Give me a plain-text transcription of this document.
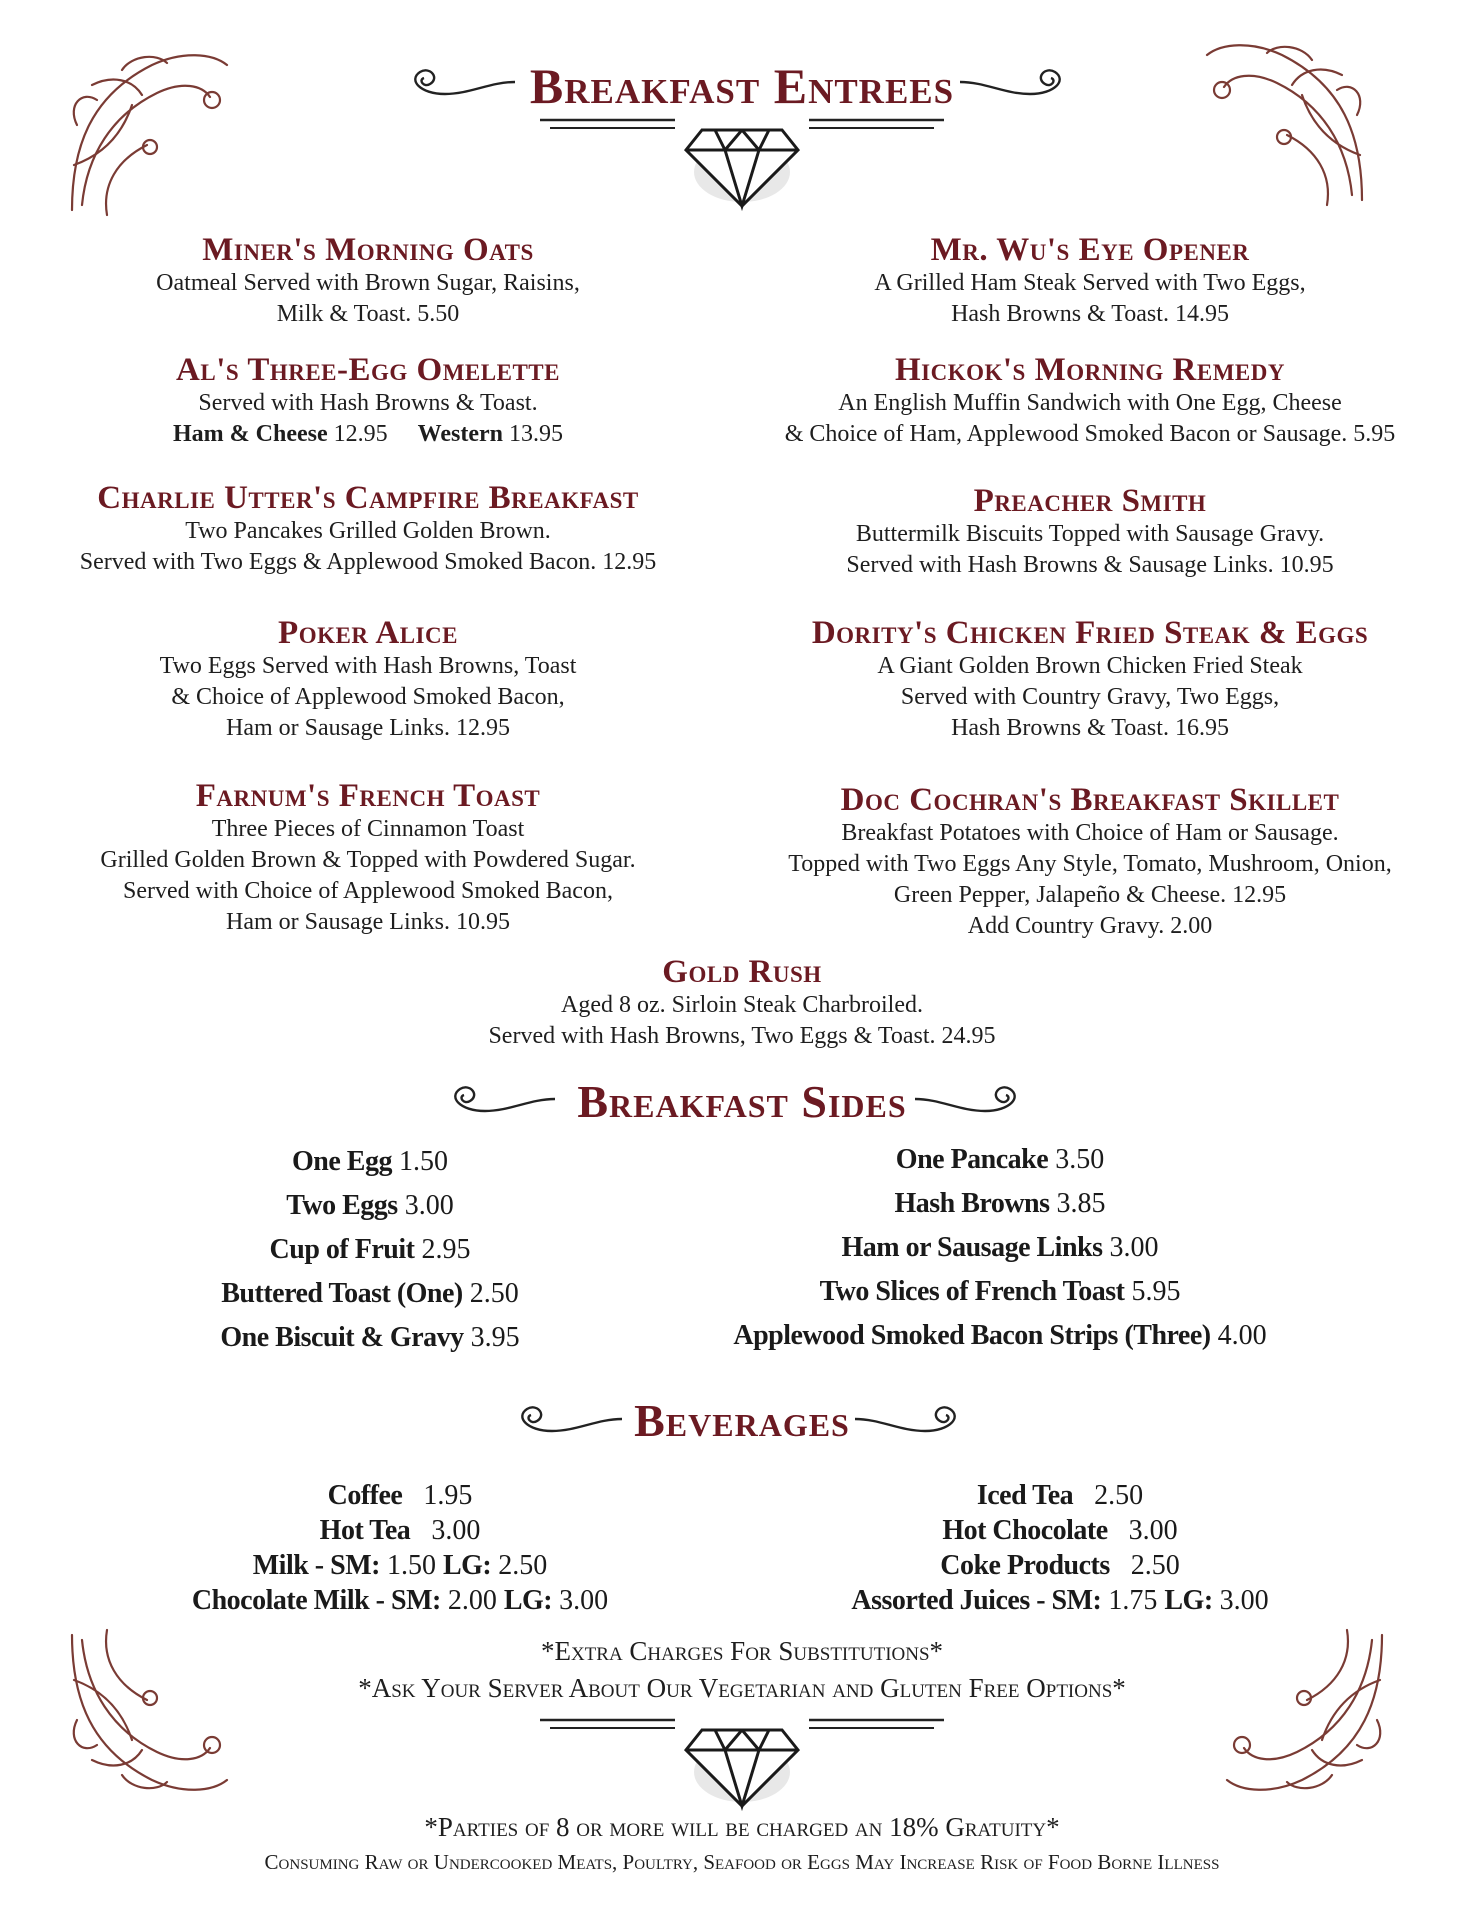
Breakfast Entrees
Miner's Morning Oats
Oatmeal Served with Brown Sugar, Raisins,
Milk & Toast. 5.50
Al's Three-Egg Omelette
Served with Hash Browns & Toast.
Ham & Cheese 12.95 Western 13.95
Charlie Utter's Campfire Breakfast
Two Pancakes Grilled Golden Brown.
Served with Two Eggs & Applewood Smoked Bacon. 12.95
Poker Alice
Two Eggs Served with Hash Browns, Toast
& Choice of Applewood Smoked Bacon,
Ham or Sausage Links. 12.95
Farnum's French Toast
Three Pieces of Cinnamon Toast
Grilled Golden Brown & Topped with Powdered Sugar.
Served with Choice of Applewood Smoked Bacon,
Ham or Sausage Links. 10.95
Mr. Wu's Eye Opener
A Grilled Ham Steak Served with Two Eggs,
Hash Browns & Toast. 14.95
Hickok's Morning Remedy
An English Muffin Sandwich with One Egg, Cheese
& Choice of Ham, Applewood Smoked Bacon or Sausage. 5.95
Preacher Smith
Buttermilk Biscuits Topped with Sausage Gravy.
Served with Hash Browns & Sausage Links. 10.95
Dority's Chicken Fried Steak & Eggs
A Giant Golden Brown Chicken Fried Steak
Served with Country Gravy, Two Eggs,
Hash Browns & Toast. 16.95
Doc Cochran's Breakfast Skillet
Breakfast Potatoes with Choice of Ham or Sausage.
Topped with Two Eggs Any Style, Tomato, Mushroom, Onion,
Green Pepper, Jalapeño & Cheese. 12.95
Add Country Gravy. 2.00
Gold Rush
Aged 8 oz. Sirloin Steak Charbroiled.
Served with Hash Browns, Two Eggs & Toast. 24.95
Breakfast Sides
One Egg 1.50
Two Eggs 3.00
Cup of Fruit 2.95
Buttered Toast (One) 2.50
One Biscuit & Gravy 3.95
One Pancake 3.50
Hash Browns 3.85
Ham or Sausage Links 3.00
Two Slices of French Toast 5.95
Applewood Smoked Bacon Strips (Three) 4.00
Beverages
Coffee 1.95
Hot Tea 3.00
Milk - SM: 1.50 LG: 2.50
Chocolate Milk - SM: 2.00 LG: 3.00
Iced Tea 2.50
Hot Chocolate 3.00
Coke Products 2.50
Assorted Juices - SM: 1.75 LG: 3.00
*Extra Charges For Substitutions*
*Ask Your Server About Our Vegetarian and Gluten Free Options*
*Parties of 8 or more will be charged an 18% Gratuity*
Consuming Raw or Undercooked Meats, Poultry, Seafood or Eggs May Increase Risk of Food Borne Illness
